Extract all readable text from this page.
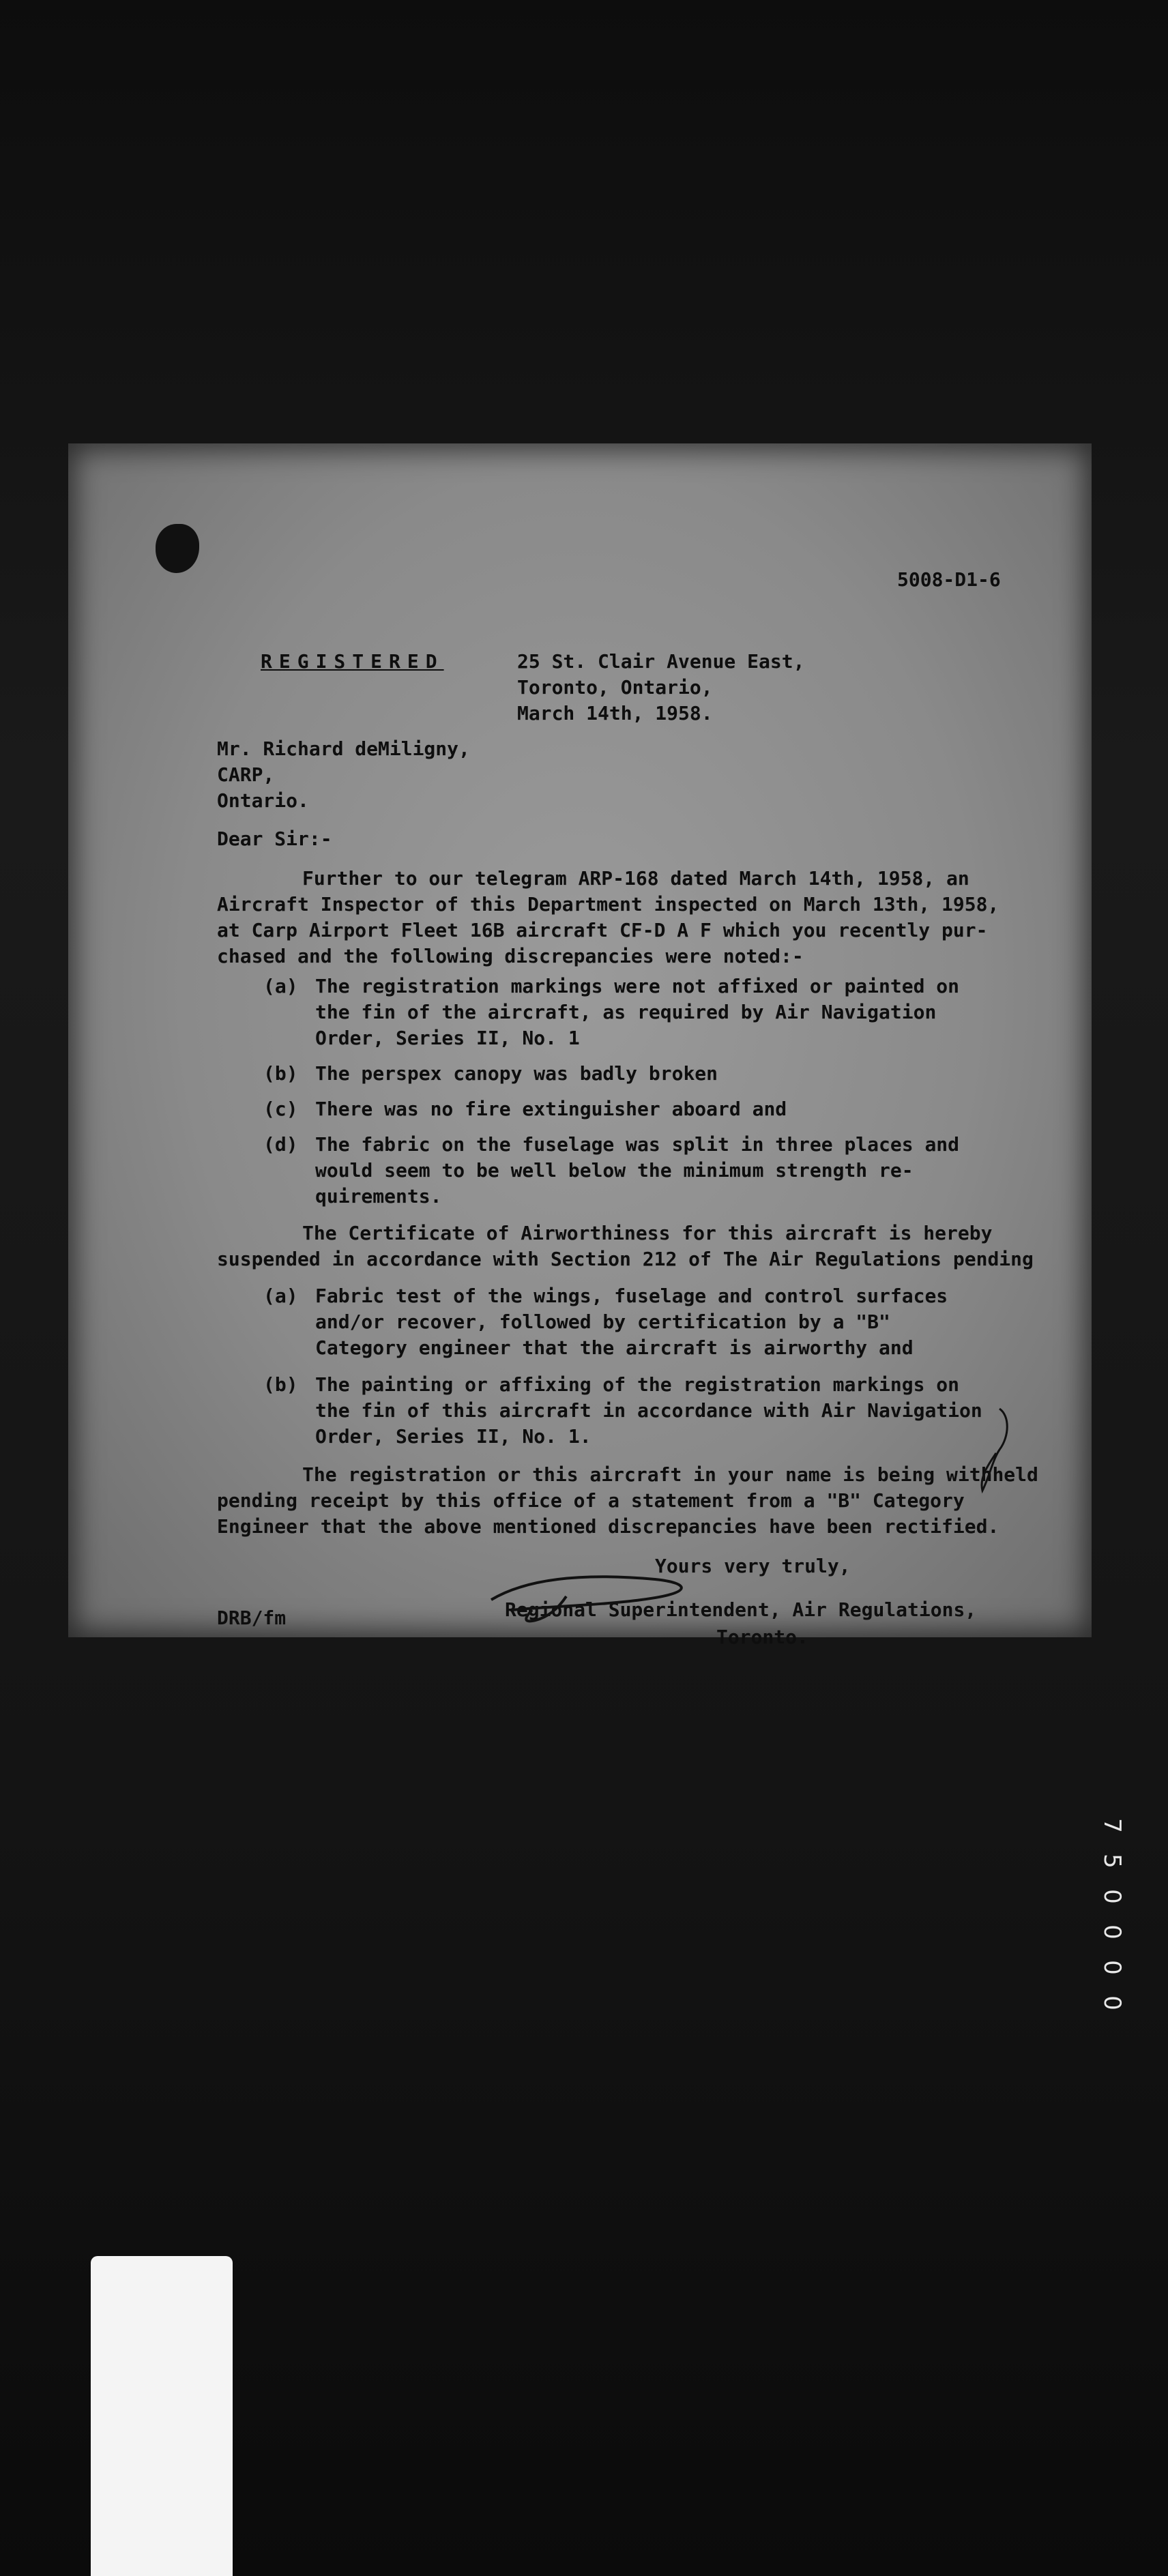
5008-D1-6
REGISTERED	25 St. Clair Avenue East,
Toronto, Ontario,
March 14th, 1958.
Mr. Richard deMiligny,
CARP,
Ontario.
Dear Sir:-
Further to our telegram ARP-168 dated March 14th, 1958, an
Aircraft Inspector of this Department inspected on March 13th, 1958,
at Carp Airport Fleet 16B aircraft CF-D A F which you recently pur-
chased and the following discrepancies were noted:-
(a) The registration markings were not affixed or painted on
the fin of the aircraft, as required by Air Navigation
Order, Series II, No. 1
(b) The perspex canopy was badly broken
(c) There was no fire extinguisher aboard and
(d) The fabric on the fuselage was split in three places and
would seem to be well below the minimum strength re-
quirements.
The Certificate of Airworthiness for this aircraft is hereby
suspended in accordance with Section 212 of The Air Regulations pending
(a) Fabric test of the wings, fuselage and control surfaces
and/or recover, followed by certification by a "B"
Category engineer that the aircraft is airworthy and
(b) The painting or affixing of the registration markings on
the fin of this aircraft in accordance with Air Navigation
Order, Series II, No. 1.
The registration or this aircraft in your name is being withheld
pending receipt by this office of a statement from a "B" Category
Engineer that the above mentioned discrepancies have been rectified.
Yours very truly,
Regional Superintendent, Air Regulations,
Toronto.
DRB/fm
7
5
0
0
0
0
